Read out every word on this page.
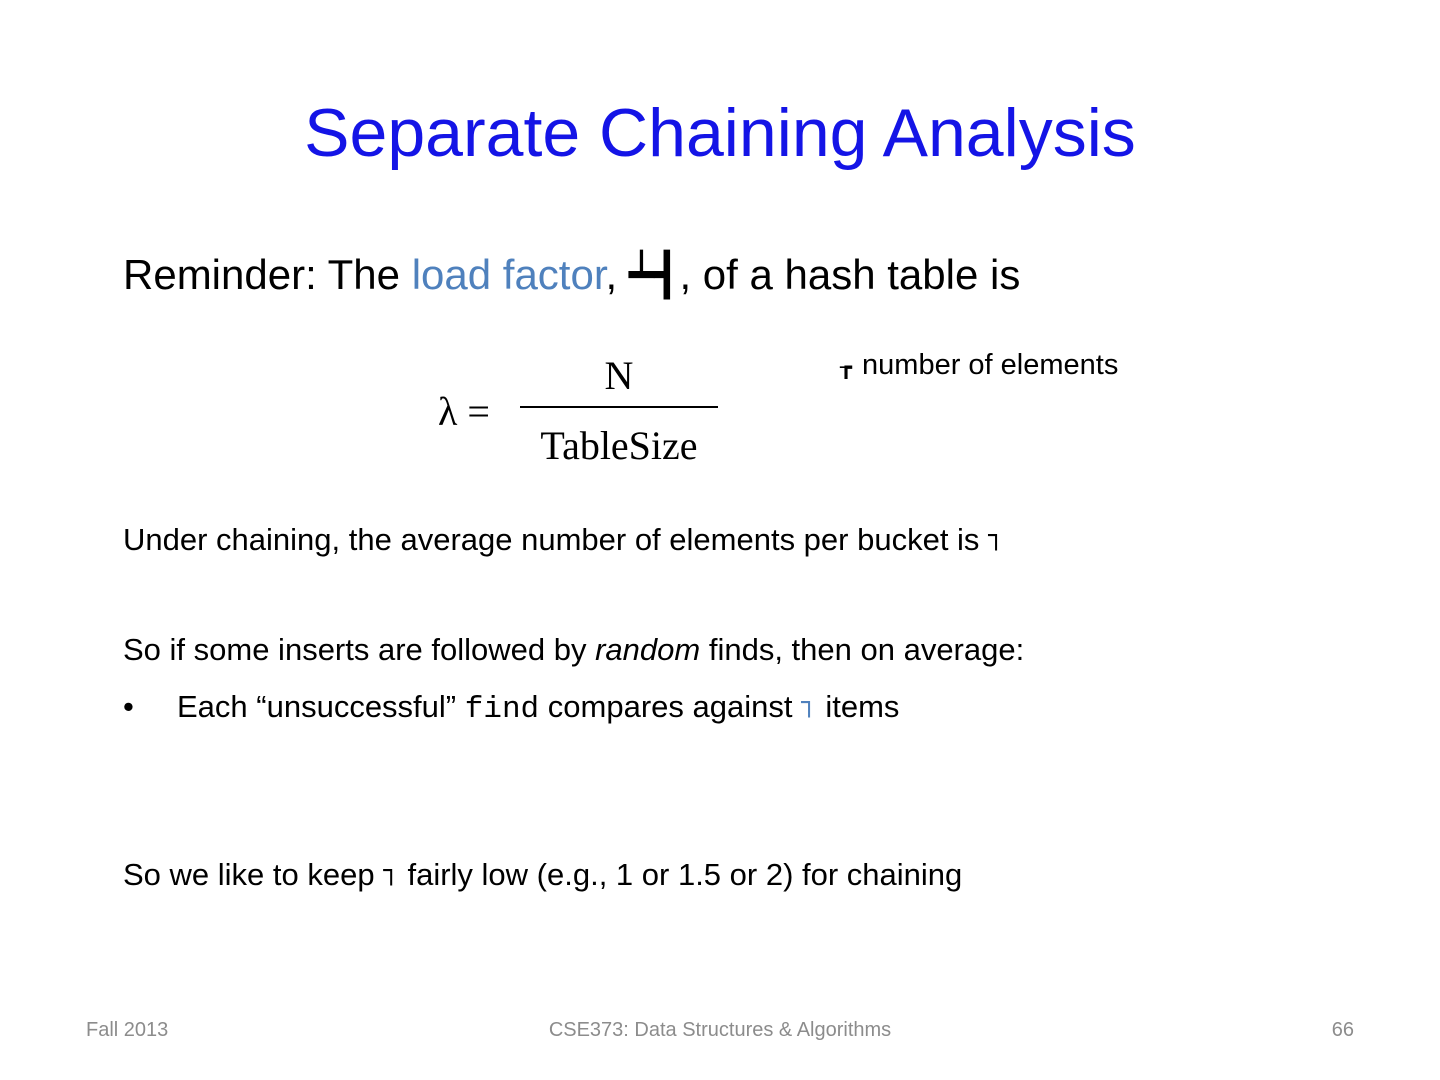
Separate Chaining Analysis
Reminder: The load factor, ┷┫, of a hash table is
λ =
N
TableSize
┲ number of elements
Under chaining, the average number of elements per bucket is ┐
So if some inserts are followed by random finds, then on average:
• Each “unsuccessful” find compares against ┐ items
So we like to keep ┐ fairly low (e.g., 1 or 1.5 or 2) for chaining
Fall 2013	CSE373: Data Structures & Algorithms	66
